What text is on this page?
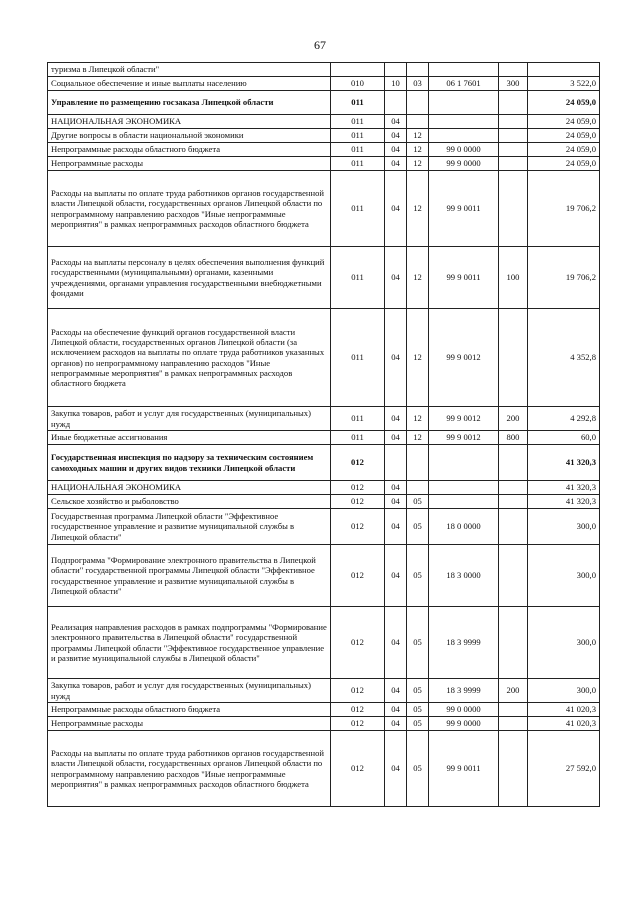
67
туризма в Липецкой области"						
Социальное обеспечение и иные выплаты населению	010	10	03	06 1 7601	300	3 522,0
Управление по размещению госзаказа Липецкой области	011					24 059,0
НАЦИОНАЛЬНАЯ ЭКОНОМИКА	011	04				24 059,0
Другие вопросы в области национальной экономики	011	04	12			24 059,0
Непрограммные расходы областного бюджета	011	04	12	99 0 0000		24 059,0
Непрограммные расходы	011	04	12	99 9 0000		24 059,0
Расходы на выплаты по оплате труда работников органов государственной власти Липецкой области, государственных органов Липецкой области по непрограммному направлению расходов "Иные непрограммные мероприятия" в рамках непрограммных расходов областного бюджета	011	04	12	99 9 0011		19 706,2
Расходы на выплаты персоналу в целях обеспечения выполнения функций государственными (муниципальными) органами, казенными учреждениями, органами управления государственными внебюджетными фондами	011	04	12	99 9 0011	100	19 706,2
Расходы на обеспечение функций органов государственной власти Липецкой области, государственных органов Липецкой области (за исключением расходов на выплаты по оплате труда работников указанных органов) по непрограммному направлению расходов "Иные непрограммные мероприятия" в рамках непрограммных расходов областного бюджета	011	04	12	99 9 0012		4 352,8
Закупка товаров, работ и услуг для государственных (муниципальных) нужд	011	04	12	99 9 0012	200	4 292,8
Иные бюджетные ассигнования	011	04	12	99 9 0012	800	60,0
Государственная инспекция по надзору за техническим состоянием самоходных машин и других видов техники Липецкой области	012					41 320,3
НАЦИОНАЛЬНАЯ ЭКОНОМИКА	012	04				41 320,3
Сельское хозяйство и рыболовство	012	04	05			41 320,3
Государственная программа Липецкой области "Эффективное государственное управление и развитие муниципальной службы в Липецкой области"	012	04	05	18 0 0000		300,0
Подпрограмма "Формирование электронного правительства в Липецкой области" государственной программы Липецкой области "Эффективное государственное управление и развитие муниципальной службы в Липецкой области"	012	04	05	18 3 0000		300,0
Реализация направления расходов в рамках подпрограммы "Формирование электронного правительства в Липецкой области" государственной программы Липецкой области "Эффективное государственное управление и развитие муниципальной службы в Липецкой области"	012	04	05	18 3 9999		300,0
Закупка товаров, работ и услуг для государственных (муниципальных) нужд	012	04	05	18 3 9999	200	300,0
Непрограммные расходы областного бюджета	012	04	05	99 0 0000		41 020,3
Непрограммные расходы	012	04	05	99 9 0000		41 020,3
Расходы на выплаты по оплате труда работников органов государственной власти Липецкой области, государственных органов Липецкой области по непрограммному направлению расходов "Иные непрограммные мероприятия" в рамках непрограммных расходов областного бюджета	012	04	05	99 9 0011		27 592,0
